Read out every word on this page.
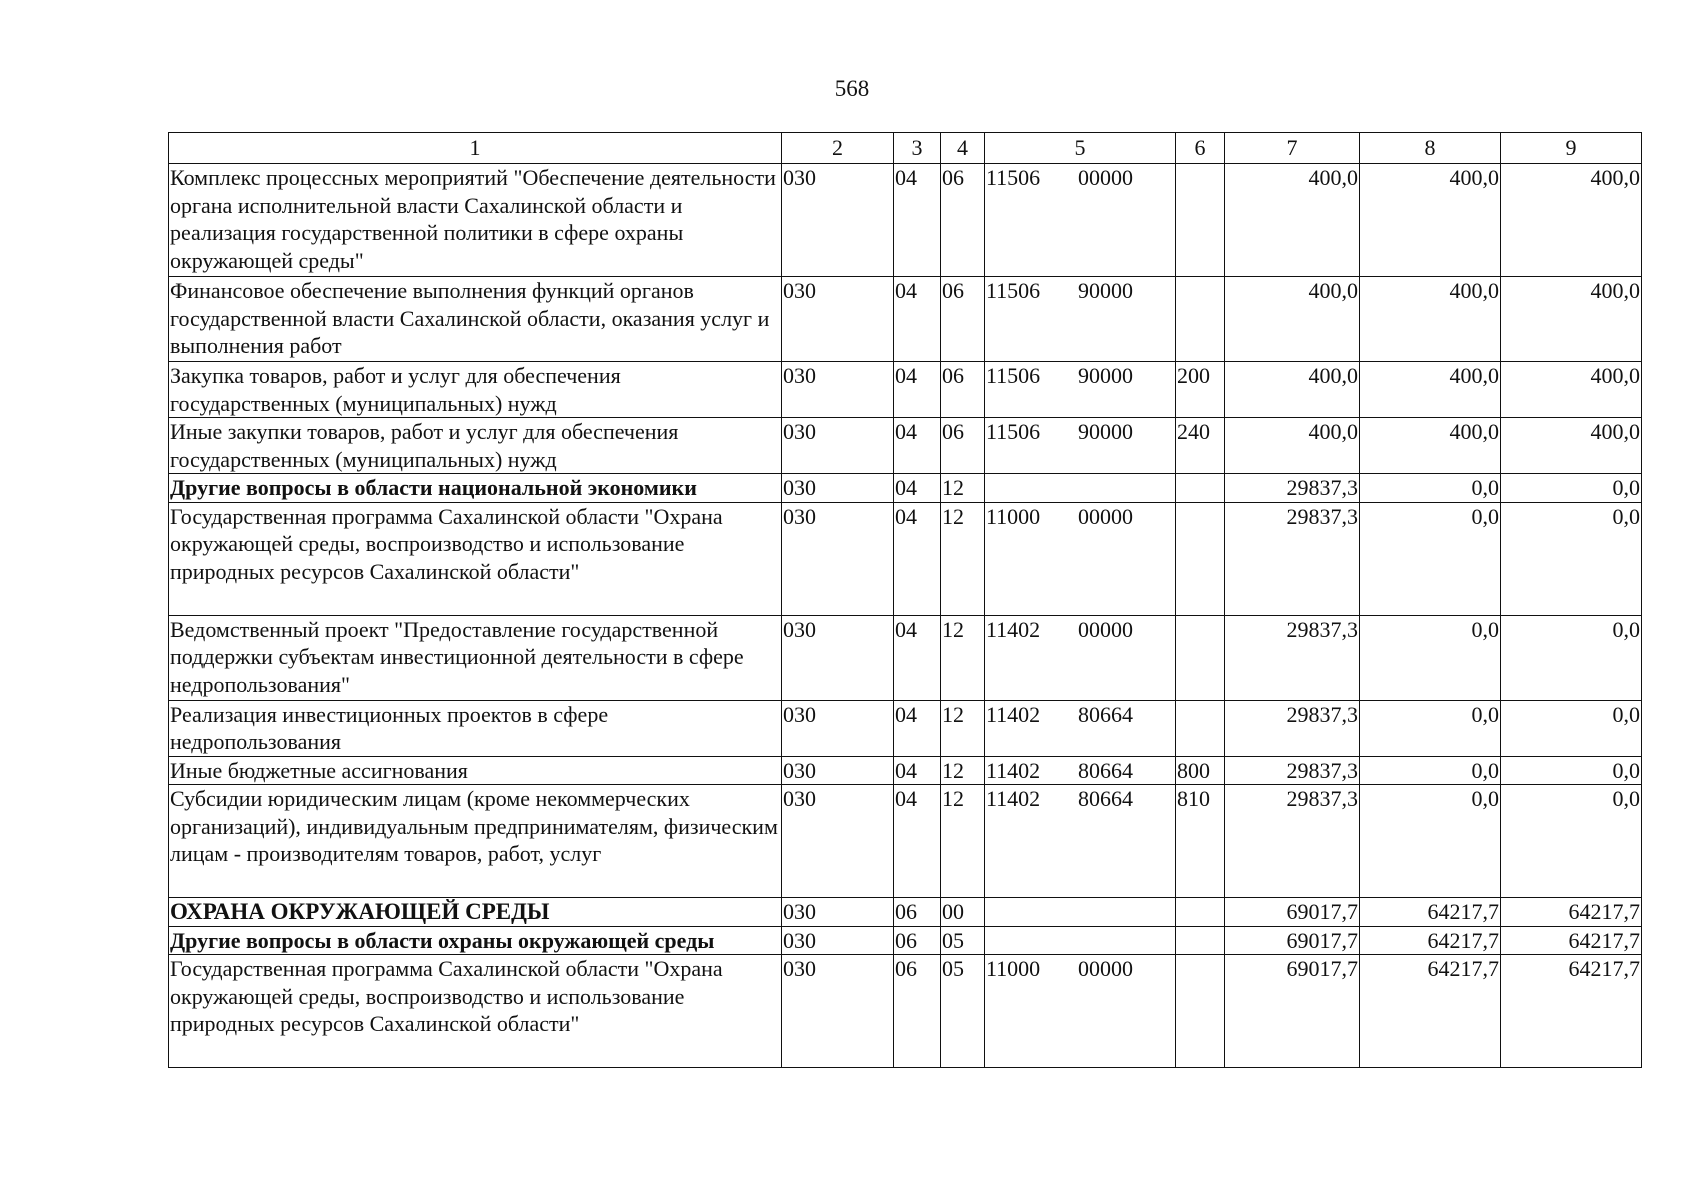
568
1	2	3	4	5	6	7	8	9
Комплекс процессных мероприятий "Обеспечение деятельности органа исполнительной власти Сахалинской области и реализация государственной политики в сфере охраны окружающей среды"	030	04	06	11506 00000		400,0	400,0	400,0
Финансовое обеспечение выполнения функций органов государственной власти Сахалинской области, оказания услуг и выполнения работ	030	04	06	11506 90000		400,0	400,0	400,0
Закупка товаров, работ и услуг для обеспечения государственных (муниципальных) нужд	030	04	06	11506 90000	200	400,0	400,0	400,0
Иные закупки товаров, работ и услуг для обеспечения государственных (муниципальных) нужд	030	04	06	11506 90000	240	400,0	400,0	400,0
Другие вопросы в области национальной экономики	030	04	12			29837,3	0,0	0,0
Государственная программа Сахалинской области "Охрана окружающей среды, воспроизводство и использование природных ресурсов Сахалинской области"	030	04	12	11000 00000		29837,3	0,0	0,0
Ведомственный проект "Предоставление государственной поддержки субъектам инвестиционной деятельности в сфере недропользования"	030	04	12	11402 00000		29837,3	0,0	0,0
Реализация инвестиционных проектов в сфере недропользования	030	04	12	11402 80664		29837,3	0,0	0,0
Иные бюджетные ассигнования	030	04	12	11402 80664	800	29837,3	0,0	0,0
Субсидии юридическим лицам (кроме некоммерческих организаций), индивидуальным предпринимателям, физическим лицам - производителям товаров, работ, услуг	030	04	12	11402 80664	810	29837,3	0,0	0,0
ОХРАНА ОКРУЖАЮЩЕЙ СРЕДЫ	030	06	00			69017,7	64217,7	64217,7
Другие вопросы в области охраны окружающей среды	030	06	05			69017,7	64217,7	64217,7
Государственная программа Сахалинской области "Охрана окружающей среды, воспроизводство и использование природных ресурсов Сахалинской области"	030	06	05	11000 00000		69017,7	64217,7	64217,7
